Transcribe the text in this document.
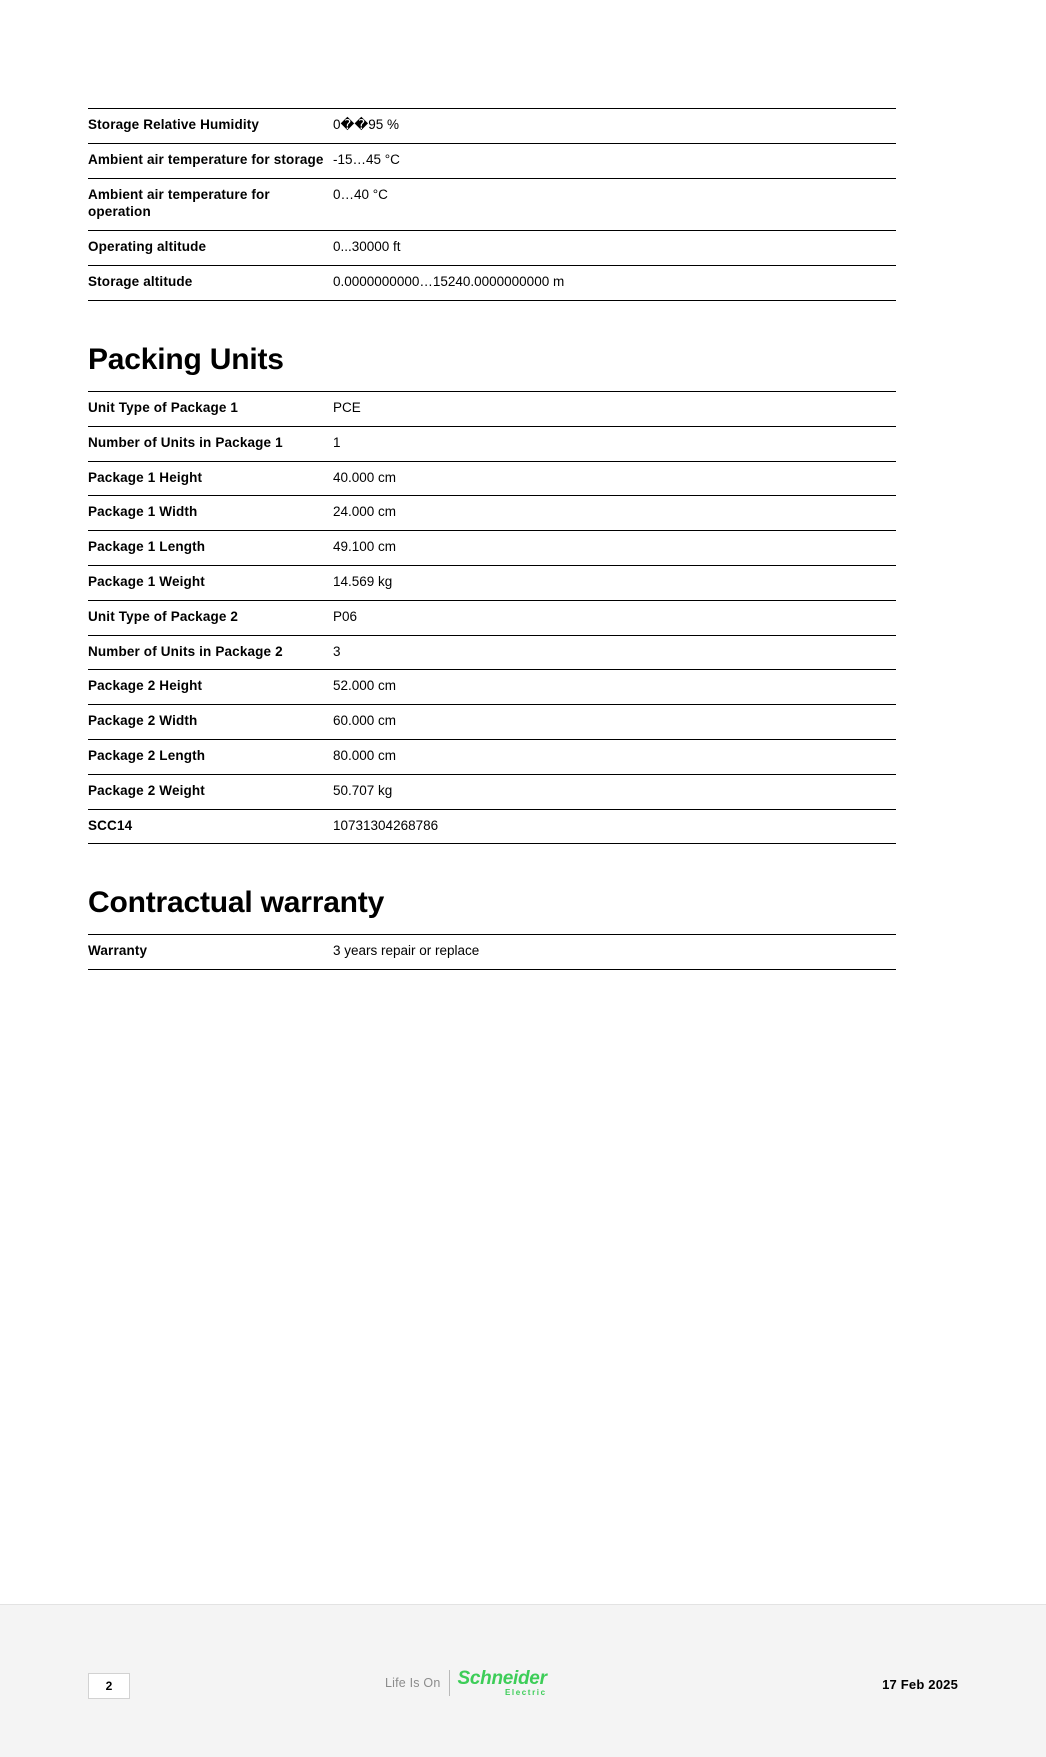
Storage Relative Humidity	0��95 %
Ambient air temperature for storage	-15…45 °C
Ambient air temperature for operation	0…40 °C
Operating altitude	0...30000 ft
Storage altitude	0.0000000000…15240.0000000000 m
Packing Units
Unit Type of Package 1	PCE
Number of Units in Package 1	1
Package 1 Height	40.000 cm
Package 1 Width	24.000 cm
Package 1 Length	49.100 cm
Package 1 Weight	14.569 kg
Unit Type of Package 2	P06
Number of Units in Package 2	3
Package 2 Height	52.000 cm
Package 2 Width	60.000 cm
Package 2 Length	80.000 cm
Package 2 Weight	50.707 kg
SCC14	10731304268786
Contractual warranty
Warranty	3 years repair or replace
2	Life Is On Schneider
Electric
17 Feb 2025
